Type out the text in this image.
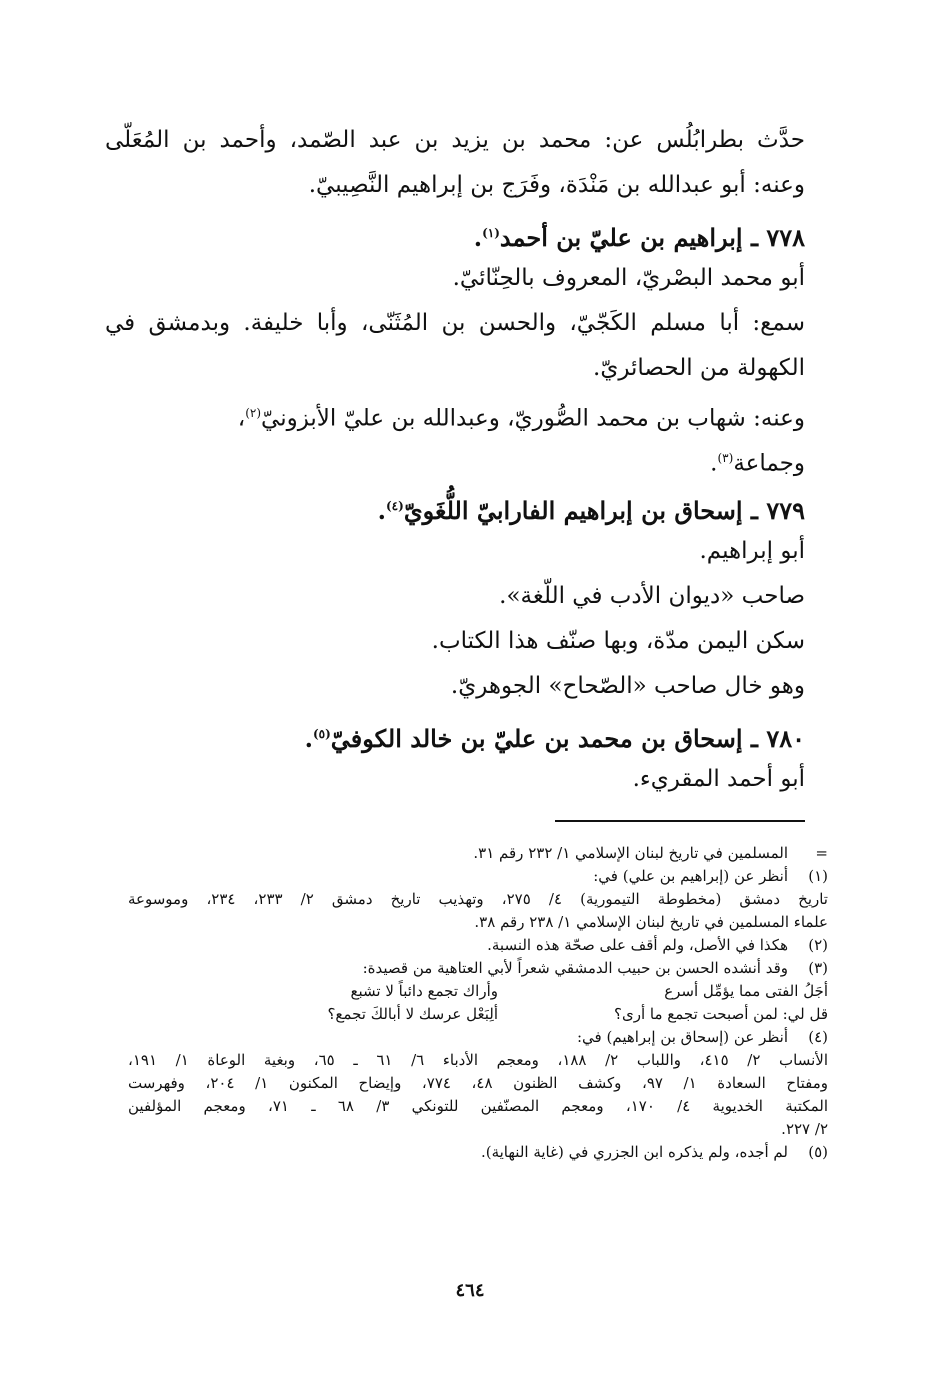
حدَّث بطرابُلُس عن: محمد بن يزيد بن عبد الصّمد، وأحمد بن المُعَلّى

وعنه: أبو عبدالله بن مَنْدَة، وفَرَج بن إبراهيم النَّصِيبيّ.

٧٧٨ ـ إبراهيم بن عليّ بن أحمد$^{(١)}$.

أبو محمد البصْريّ، المعروف بالحِنّائيّ.

سمع: أبا مسلم الكَجّيّ، والحسن بن المُثَنّى، وأبا خليفة. وبدمشق في

الكهولة من الحصائريّ.

وعنه: شهاب بن محمد الصُّوريّ، وعبدالله بن عليّ الأبزونيّ$^{(٢)}$،

وجماعة$^{(٣)}$.

٧٧٩ ـ إسحاق بن إبراهيم الفارابيّ اللُّغَويّ$^{(٤)}$.

أبو إبراهيم.

صاحب «ديوان الأدب في اللّغة».

سكن اليمن مدّة، وبها صنّف هذا الكتاب.

وهو خال صاحب «الصّحاح» الجوهريّ.

٧٨٠ ـ إسحاق بن محمد بن عليّ بن خالد الكوفيّ$^{(٥)}$.

أبو أحمد المقريء.

=المسلمين في تاريخ لبنان الإسلامي ١/ ٢٣٢ رقم ٣١.

(١)أنظر عن (إبراهيم بن علي) في:

تاريخ دمشق (مخطوطة التيمورية) ٤/ ٢٧٥، وتهذيب تاريخ دمشق ٢/ ٢٣٣، ٢٣٤، وموسوعة

علماء المسلمين في تاريخ لبنان الإسلامي ١/ ٢٣٨ رقم ٣٨.

(٢)هكذا في الأصل، ولم أقف على صحّة هذه النسبة.

(٣)وقد أنشده الحسن بن حبيب الدمشقي شعراً لأبي العتاهية من قصيدة:

أجَلُ الفتى مما يؤمِّل أسرعوأراك تجمع دائباً لا تشبع

قل لي: لمن أصبحت تجمع ما أرى؟ألِبَعْل عرسك لا أبالكَ تجمع؟

(٤)أنظر عن (إسحاق بن إبراهيم) في:

الأنساب ٢/ ٤١٥، واللباب ٢/ ١٨٨، ومعجم الأدباء ٦/ ٦١ ـ ٦٥، وبغية الوعاة ١/ ١٩١،

ومفتاح السعادة ١/ ٩٧، وكشف الظنون ٤٨، ٧٧٤، وإيضاح المكنون ١/ ٢٠٤، وفهرست

المكتبة الخديوية ٤/ ١٧٠، ومعجم المصنّفين للتونكي ٣/ ٦٨ ـ ٧١، ومعجم المؤلفين

٢/ ٢٢٧.

(٥)لم أجده، ولم يذكره ابن الجزري في (غاية النهاية).

٤٦٤
